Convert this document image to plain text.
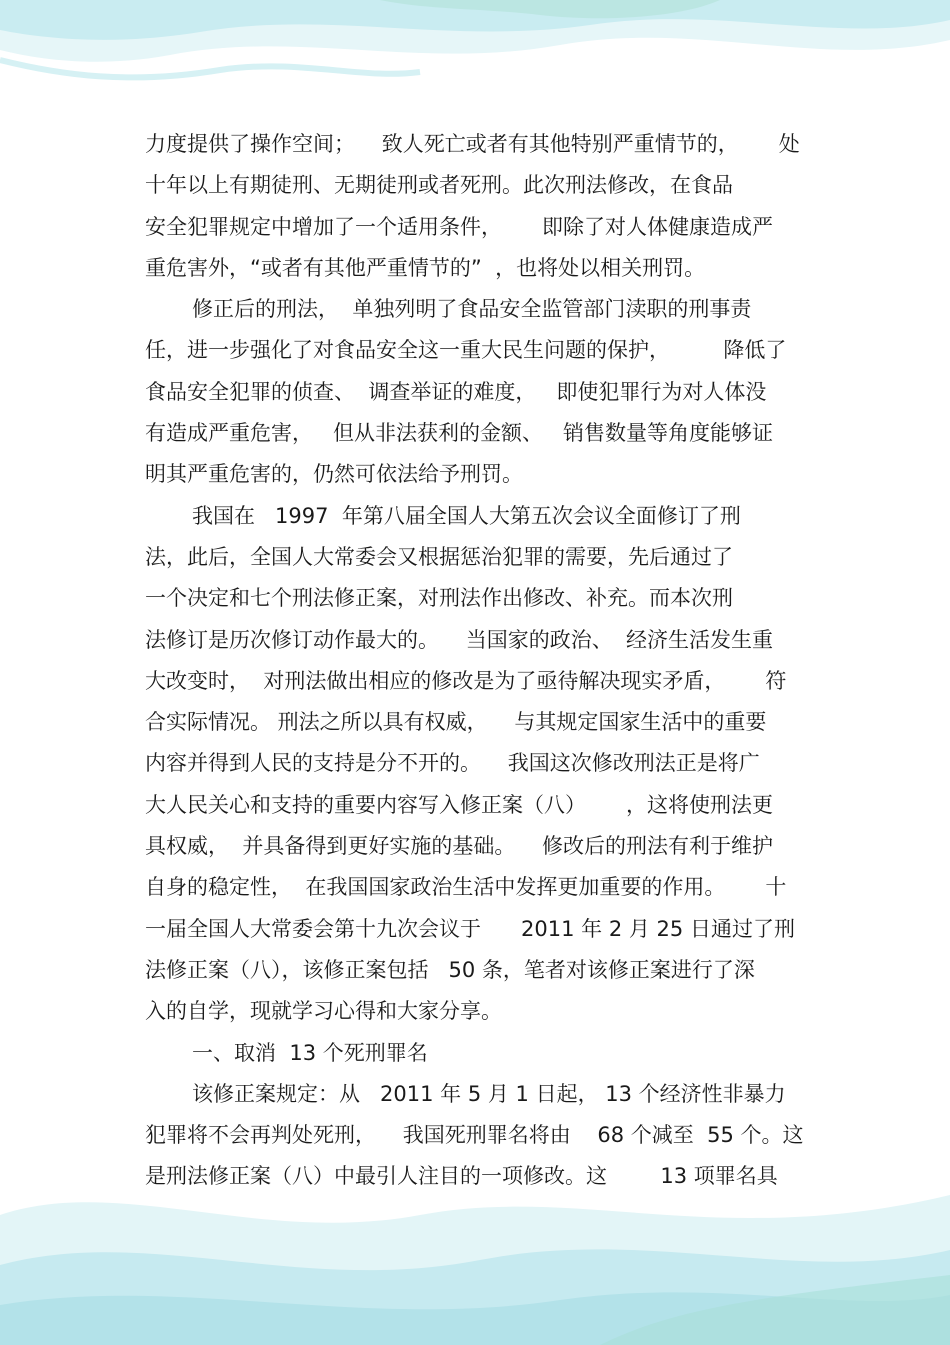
力度提供了操作空间；    致人死亡或者有其他特别严重情节的，      处
十年以上有期徒刑、无期徒刑或者死刑。此次刑法修改，在食品
安全犯罪规定中增加了一个适用条件，      即除了对人体健康造成严
重危害外，“或者有其他严重情节的”  ，也将处以相关刑罚。
修正后的刑法，  单独列明了食品安全监管部门渎职的刑事责
任，进一步强化了对食品安全这一重大民生问题的保护，        降低了
食品安全犯罪的侦查、  调查举证的难度，   即使犯罪行为对人体没
有造成严重危害，   但从非法获利的金额、   销售数量等角度能够证
明其严重危害的，仍然可依法给予刑罚。
我国在   1997  年第八届全国人大第五次会议全面修订了刑
法，此后，全国人大常委会又根据惩治犯罪的需要，先后通过了
一个决定和七个刑法修正案，对刑法作出修改、补充。而本次刑
法修订是历次修订动作最大的。    当国家的政治、  经济生活发生重
大改变时，  对刑法做出相应的修改是为了亟待解决现实矛盾，      符
合实际情况。 刑法之所以具有权威，    与其规定国家生活中的重要
内容并得到人民的支持是分不开的。    我国这次修改刑法正是将广
大人民关心和支持的重要内容写入修正案（八）      ，这将使刑法更
具权威，  并具备得到更好实施的基础。    修改后的刑法有利于维护
自身的稳定性，  在我国国家政治生活中发挥更加重要的作用。      十
一届全国人大常委会第十九次会议于      2011 年 2 月 25 日通过了刑
法修正案（八），该修正案包括   50 条，笔者对该修正案进行了深
入的自学，现就学习心得和大家分享。
一、取消  13 个死刑罪名
该修正案规定：从   2011 年 5 月 1 日起， 13 个经济性非暴力
犯罪将不会再判处死刑，    我国死刑罪名将由    68 个减至  55 个。这
是刑法修正案（八）中最引人注目的一项修改。这        13 项罪名具
